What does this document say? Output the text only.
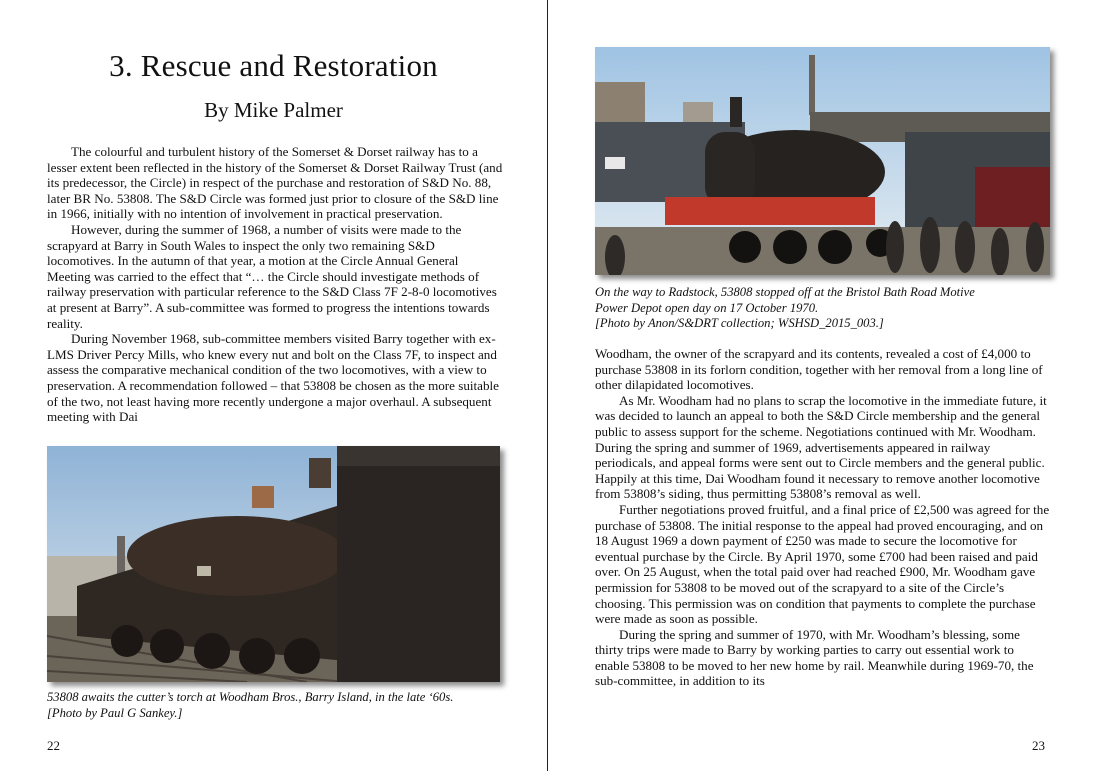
3. Rescue and Restoration
By Mike Palmer

The colourful and turbulent history of the Somerset & Dorset railway has to a lesser extent been reflected in the history of the Somerset & Dorset Railway Trust (and its predecessor, the Circle) in respect of the purchase and restoration of S&D No. 88, later BR No. 53808. The S&D Circle was formed just prior to closure of the S&D line in 1966, initially with no intention of involvement in practical preservation.

However, during the summer of 1968, a number of visits were made to the scrapyard at Barry in South Wales to inspect the only two remaining S&D locomotives. In the autumn of that year, a motion at the Circle Annual General Meeting was carried to the effect that “… the Circle should investigate methods of railway preservation with particular reference to the S&D Class 7F 2-8-0 locomotives at present at Barry”. A sub-committee was formed to progress the intentions towards reality.

During November 1968, sub-committee members visited Barry together with ex-LMS Driver Percy Mills, who knew every nut and bolt on the Class 7F, to inspect and assess the comparative mechanical condition of the two locomotives, with a view to preservation. A recommendation followed – that 53808 be chosen as the more suitable of the two, not least having more recently undergone a major overhaul. A subsequent meeting with Dai

53808 awaits the cutter’s torch at Woodham Bros., Barry Island, in the late ‘60s.
[Photo by Paul G Sankey.]
22
On the way to Radstock, 53808 stopped off at the Bristol Bath Road Motive
Power Depot open day on 17 October 1970.
[Photo by Anon/S&DRT collection; WSHSD_2015_003.]

Woodham, the owner of the scrapyard and its contents, revealed a cost of £4,000 to purchase 53808 in its forlorn condition, together with her removal from a long line of other dilapidated locomotives.

As Mr. Woodham had no plans to scrap the locomotive in the immediate future, it was decided to launch an appeal to both the S&D Circle membership and the general public to assess support for the scheme. Negotiations continued with Mr. Woodham. During the spring and summer of 1969, advertisements appeared in railway periodicals, and appeal forms were sent out to Circle members and the general public. Happily at this time, Dai Woodham found it necessary to remove another locomotive from 53808’s siding, thus permitting 53808’s removal as well.

Further negotiations proved fruitful, and a final price of £2,500 was agreed for the purchase of 53808. The initial response to the appeal had proved encouraging, and on 18 August 1969 a down payment of £250 was made to secure the locomotive for eventual purchase by the Circle. By April 1970, some £700 had been raised and paid over. On 25 August, when the total paid over had reached £900, Mr. Woodham gave permission for 53808 to be moved out of the scrapyard to a site of the Circle’s choosing. This permission was on condition that payments to complete the purchase were made as soon as possible.

During the spring and summer of 1970, with Mr. Woodham’s blessing, some thirty trips were made to Barry by working parties to carry out essential work to enable 53808 to be moved to her new home by rail. Meanwhile during 1969-70, the sub-committee, in addition to its

23
